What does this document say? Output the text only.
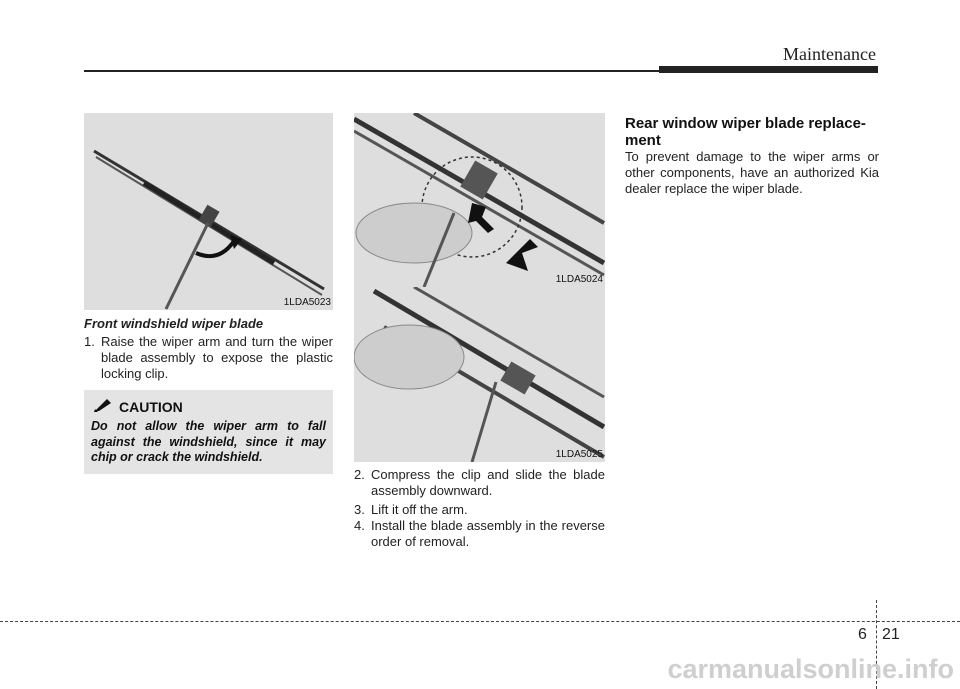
Maintenance
1LDA5023
Front windshield wiper blade
1. Raise the wiper arm and turn the wiper blade assembly to expose the plastic locking clip.
CAUTION
Do not allow the wiper arm to fall against the windshield, since it may chip or crack the windshield.
1LDA5024
1LDA5025
2. Compress the clip and slide the blade assembly downward.
3. Lift it off the arm.
4. Install the blade assembly in the reverse order of removal.
Rear window wiper blade replace-ment
To prevent damage to the wiper arms or other components, have an authorized Kia dealer replace the wiper blade.
6 21
carmanualsonline.info
